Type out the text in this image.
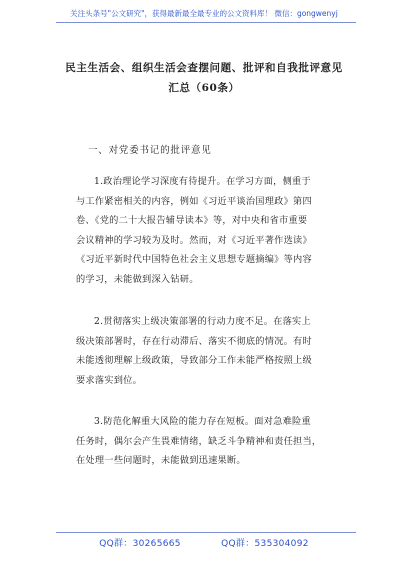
关注头条号"公文研究"，获得最新最全最专业的公文资料库！ 微信：gongwenyj
民主生活会、组织生活会查摆问题、批评和自我批评意见
汇总（60条）
一、对党委书记的批评意见
1.政治理论学习深度有待提升。在学习方面，侧重于
与工作紧密相关的内容，例如《习近平谈治国理政》第四
卷、《党的二十大报告辅导读本》等，对中央和省市重要
会议精神的学习较为及时。然而，对《习近平著作选读》
《习近平新时代中国特色社会主义思想专题摘编》等内容
的学习，未能做到深入钻研。
2.贯彻落实上级决策部署的行动力度不足。在落实上
级决策部署时，存在行动滞后、落实不彻底的情况。有时
未能透彻理解上级政策，导致部分工作未能严格按照上级
要求落实到位。
3.防范化解重大风险的能力存在短板。面对急难险重
任务时，偶尔会产生畏难情绪，缺乏斗争精神和责任担当，
在处理一些问题时，未能做到迅速果断。
QQ群：30265665	QQ群：535304092
